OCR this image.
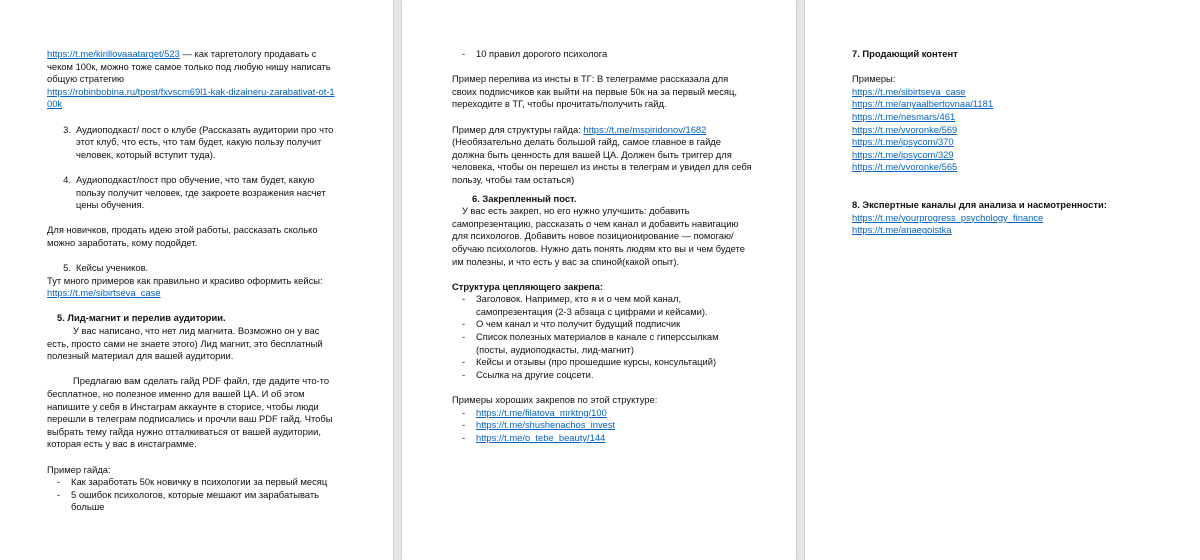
https://t.me/kirillovaaatarget/523 — как таргетологу продавать с чеком 100к, можно тоже самое только под любую нишу написать общую стратегию

https://robinbobina.ru/tpost/fxvscm69l1-kak-dizaineru-zarabativat-ot-100k

3. Аудиоподкаст/ пост о клубе (Рассказать аудитории про что этот клуб, что есть, что там будет, какую пользу получит человек, который вступит туда).
4. Аудиоподкаст/пост про обучение, что там будет, какую пользу получит человек, где закроете возражения насчет цены обучения.

Для новичков, продать идею этой работы, рассказать сколько можно заработать, кому подойдет.

5. Кейсы учеников.

Тут много примеров как правильно и красиво оформить кейсы:

https://t.me/sibirtseva_case

5. Лид-магнит и перелив аудитории.

У вас написано, что нет лид магнита. Возможно он у вас есть, просто сами не знаете этого) Лид магнит, это бесплатный полезный материал для вашей аудитории.

Предлагаю вам сделать гайд PDF файл, где дадите что-то бесплатное, но полезное именно для вашей ЦА. И об этом напишите у себя в Инстаграм аккаунте в сторисе, чтобы люди перешли в телеграм подписались и прочли ваш PDF гайд. Чтобы выбрать тему гайда нужно отталкиваться от вашей аудитории, которая есть у вас в инстаграмме.

Пример гайда:

-	Как заработать 50к новичку в психологии за первый месяц
-	5 ошибок психологов, которые мешают им зарабатывать больше
-	10 правил дорогого психолога

Пример перелива из инсты в ТГ: В телеграмме рассказала для своих подписчиков как выйти на первые 50к на за первый месяц, переходите в ТГ, чтобы прочитать/получить гайд.

Пример для структуры гайда: https://t.me/mspiridonov/1682

(Необязательно делать большой гайд, самое главное в гайде должна быть ценность для вашей ЦА. Должен быть триггер для человека, чтобы он перешел из инсты в телеграм и увидел для себя пользу, чтобы там остаться)

6. Закрепленный пост.

У вас есть закреп, но его нужно улучшить: добавить самопрезентацию, рассказать о чем канал и добавить навигацию для психологов. Добавить новое позиционирование — помогаю/обучаю психологов. Нужно дать понять людям кто вы и чем будете им полезны, и что есть у вас за спиной(какой опыт).

Структура цепляющего закрепа:

-	Заголовок. Например, кто я и о чем мой канал, самопрезентация (2-3 абзаца с цифрами и кейсами).
-	О чем канал и что получит будущий подписчик
-	Список полезных материалов в канале с гиперссылкам (посты, аудиоподкасты, лид-магнит)
-	Кейсы и отзывы (про прошедшие курсы, консультаций)
-	Ссылка на другие соцсети.

Примеры хороших закрепов по этой структуре:

-	https://t.me/filatova_mrktng/100
-	https://t.me/shushenachos_invest
-	https://t.me/o_tebe_beauty/144

7. Продающий контент

Примеры:

https://t.me/sibirtseva_case

https://t.me/anyaalbertovnaa/1181

https://t.me/nesmars/461

https://t.me/vvoronke/569

https://t.me/ipsycom/370

https://t.me/ipsycom/329

https://t.me/vvoronke/565

8. Экспертные каналы для анализа и насмотренности:

https://t.me/yourprogress_psychology_finance

https://t.me/anaegoistka
